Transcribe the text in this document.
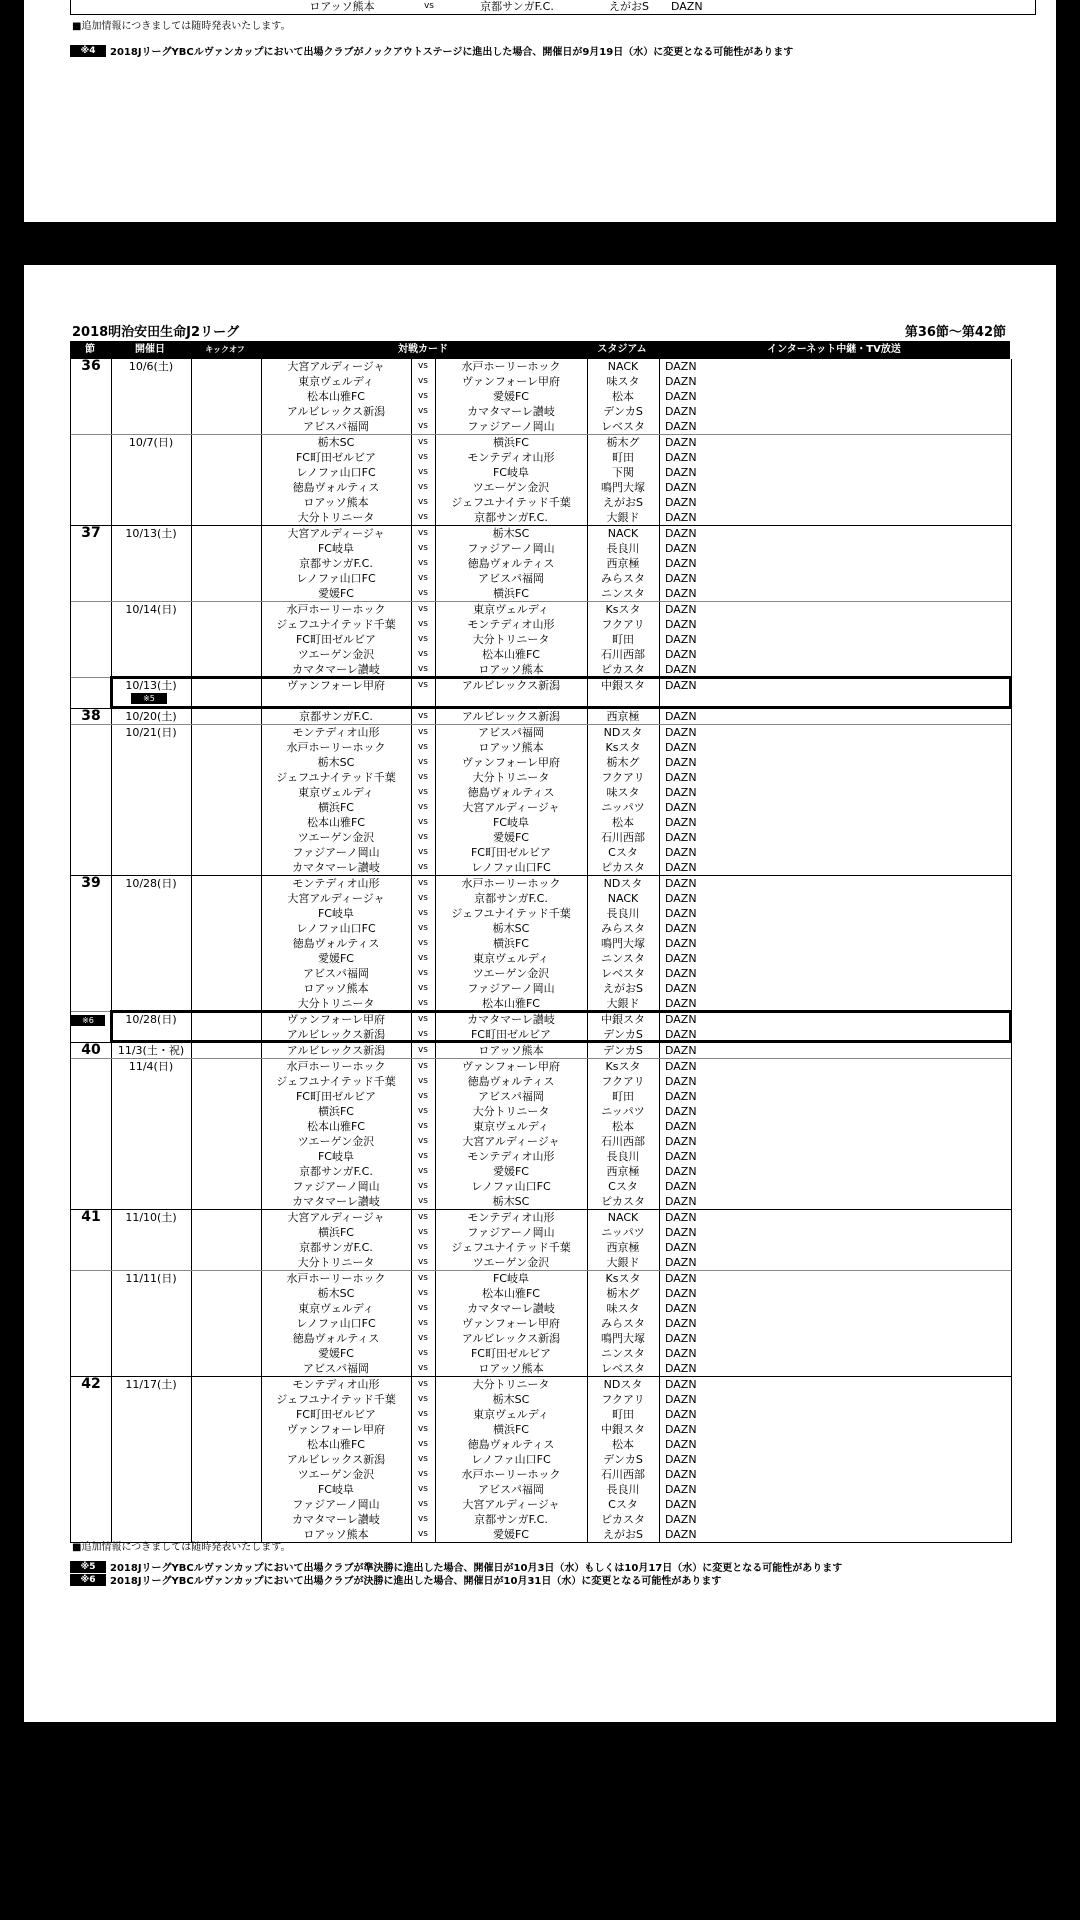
ロアッソ熊本	vs	京都サンガF.C.	えがおS	DAZN
■追加情報につきましては随時発表いたします。
※4	2018JリーグYBCルヴァンカップにおいて出場クラブがノックアウトステージに進出した場合、開催日が9月19日（水）に変更となる可能性があります
2018明治安田生命J2リーグ	第36節～第42節
節	開催日	キックオフ	対戦カード	スタジアム	インターネット中継・TV放送
36	10/6(土)	大宮アルディージャ	vs	水戸ホーリーホック	NACK	DAZN
東京ヴェルディ	vs	ヴァンフォーレ甲府	味スタ	DAZN
松本山雅FC	vs	愛媛FC	松本	DAZN
アルビレックス新潟	vs	カマタマーレ讃岐	デンカS	DAZN
アビスパ福岡	vs	ファジアーノ岡山	レベスタ	DAZN
10/7(日)	栃木SC	vs	横浜FC	栃木グ	DAZN
FC町田ゼルビア	vs	モンテディオ山形	町田	DAZN
レノファ山口FC	vs	FC岐阜	下関	DAZN
徳島ヴォルティス	vs	ツエーゲン金沢	鳴門大塚	DAZN
ロアッソ熊本	vs	ジェフユナイテッド千葉	えがおS	DAZN
大分トリニータ	vs	京都サンガF.C.	大銀ド	DAZN
37	10/13(土)	大宮アルディージャ	vs	栃木SC	NACK	DAZN
FC岐阜	vs	ファジアーノ岡山	長良川	DAZN
京都サンガF.C.	vs	徳島ヴォルティス	西京極	DAZN
レノファ山口FC	vs	アビスパ福岡	みらスタ	DAZN
愛媛FC	vs	横浜FC	ニンスタ	DAZN
10/14(日)	水戸ホーリーホック	vs	東京ヴェルディ	Ksスタ	DAZN
ジェフユナイテッド千葉	vs	モンテディオ山形	フクアリ	DAZN
FC町田ゼルビア	vs	大分トリニータ	町田	DAZN
ツエーゲン金沢	vs	松本山雅FC	石川西部	DAZN
カマタマーレ讃岐	vs	ロアッソ熊本	ピカスタ	DAZN
10/13(土)	ヴァンフォーレ甲府	vs	アルビレックス新潟	中銀スタ	DAZN
38	10/20(土)	京都サンガF.C.	vs	アルビレックス新潟	西京極	DAZN
10/21(日)	モンテディオ山形	vs	アビスパ福岡	NDスタ	DAZN
水戸ホーリーホック	vs	ロアッソ熊本	Ksスタ	DAZN
栃木SC	vs	ヴァンフォーレ甲府	栃木グ	DAZN
ジェフユナイテッド千葉	vs	大分トリニータ	フクアリ	DAZN
東京ヴェルディ	vs	徳島ヴォルティス	味スタ	DAZN
横浜FC	vs	大宮アルディージャ	ニッパツ	DAZN
松本山雅FC	vs	FC岐阜	松本	DAZN
ツエーゲン金沢	vs	愛媛FC	石川西部	DAZN
ファジアーノ岡山	vs	FC町田ゼルビア	Cスタ	DAZN
カマタマーレ讃岐	vs	レノファ山口FC	ピカスタ	DAZN
39	10/28(日)	モンテディオ山形	vs	水戸ホーリーホック	NDスタ	DAZN
大宮アルディージャ	vs	京都サンガF.C.	NACK	DAZN
FC岐阜	vs	ジェフユナイテッド千葉	長良川	DAZN
レノファ山口FC	vs	栃木SC	みらスタ	DAZN
徳島ヴォルティス	vs	横浜FC	鳴門大塚	DAZN
愛媛FC	vs	東京ヴェルディ	ニンスタ	DAZN
アビスパ福岡	vs	ツエーゲン金沢	レベスタ	DAZN
ロアッソ熊本	vs	ファジアーノ岡山	えがおS	DAZN
大分トリニータ	vs	松本山雅FC	大銀ド	DAZN
10/28(日)	ヴァンフォーレ甲府	vs	カマタマーレ讃岐	中銀スタ	DAZN
アルビレックス新潟	vs	FC町田ゼルビア	デンカS	DAZN
40	11/3(土・祝)	アルビレックス新潟	vs	ロアッソ熊本	デンカS	DAZN
11/4(日)	水戸ホーリーホック	vs	ヴァンフォーレ甲府	Ksスタ	DAZN
ジェフユナイテッド千葉	vs	徳島ヴォルティス	フクアリ	DAZN
FC町田ゼルビア	vs	アビスパ福岡	町田	DAZN
横浜FC	vs	大分トリニータ	ニッパツ	DAZN
松本山雅FC	vs	東京ヴェルディ	松本	DAZN
ツエーゲン金沢	vs	大宮アルディージャ	石川西部	DAZN
FC岐阜	vs	モンテディオ山形	長良川	DAZN
京都サンガF.C.	vs	愛媛FC	西京極	DAZN
ファジアーノ岡山	vs	レノファ山口FC	Cスタ	DAZN
カマタマーレ讃岐	vs	栃木SC	ピカスタ	DAZN
41	11/10(土)	大宮アルディージャ	vs	モンテディオ山形	NACK	DAZN
横浜FC	vs	ファジアーノ岡山	ニッパツ	DAZN
京都サンガF.C.	vs	ジェフユナイテッド千葉	西京極	DAZN
大分トリニータ	vs	ツエーゲン金沢	大銀ド	DAZN
11/11(日)	水戸ホーリーホック	vs	FC岐阜	Ksスタ	DAZN
栃木SC	vs	松本山雅FC	栃木グ	DAZN
東京ヴェルディ	vs	カマタマーレ讃岐	味スタ	DAZN
レノファ山口FC	vs	ヴァンフォーレ甲府	みらスタ	DAZN
徳島ヴォルティス	vs	アルビレックス新潟	鳴門大塚	DAZN
愛媛FC	vs	FC町田ゼルビア	ニンスタ	DAZN
アビスパ福岡	vs	ロアッソ熊本	レベスタ	DAZN
42	11/17(土)	モンテディオ山形	vs	大分トリニータ	NDスタ	DAZN
ジェフユナイテッド千葉	vs	栃木SC	フクアリ	DAZN
FC町田ゼルビア	vs	東京ヴェルディ	町田	DAZN
ヴァンフォーレ甲府	vs	横浜FC	中銀スタ	DAZN
松本山雅FC	vs	徳島ヴォルティス	松本	DAZN
アルビレックス新潟	vs	レノファ山口FC	デンカS	DAZN
ツエーゲン金沢	vs	水戸ホーリーホック	石川西部	DAZN
FC岐阜	vs	アビスパ福岡	長良川	DAZN
ファジアーノ岡山	vs	大宮アルディージャ	Cスタ	DAZN
カマタマーレ讃岐	vs	京都サンガF.C.	ピカスタ	DAZN
ロアッソ熊本	vs	愛媛FC	えがおS	DAZN
※5
※6
■追加情報につきましては随時発表いたします。
※5	2018JリーグYBCルヴァンカップにおいて出場クラブが準決勝に進出した場合、開催日が10月3日（水）もしくは10月17日（水）に変更となる可能性があります
※6	2018JリーグYBCルヴァンカップにおいて出場クラブが決勝に進出した場合、開催日が10月31日（水）に変更となる可能性があります
